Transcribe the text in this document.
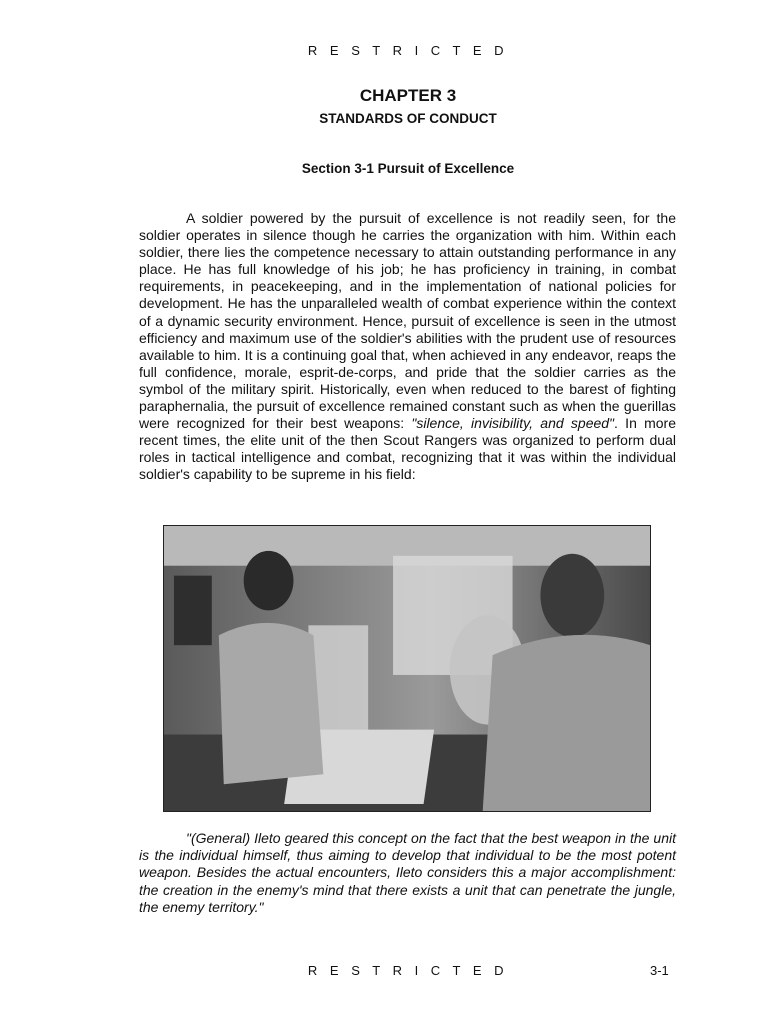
R E S T R I C T E D
CHAPTER 3
STANDARDS OF CONDUCT
Section 3-1 Pursuit of Excellence

A soldier powered by the pursuit of excellence is not readily seen, for the soldier operates in silence though he carries the organization with him. Within each soldier, there lies the competence necessary to attain outstanding performance in any place. He has full knowledge of his job; he has proficiency in training, in combat requirements, in peacekeeping, and in the implementation of national policies for development. He has the unparalleled wealth of combat experience within the context of a dynamic security environment. Hence, pursuit of excellence is seen in the utmost efficiency and maximum use of the soldier's abilities with the prudent use of resources available to him. It is a continuing goal that, when achieved in any endeavor, reaps the full confidence, morale, esprit-de-corps, and pride that the soldier carries as the symbol of the military spirit. Historically, even when reduced to the barest of fighting paraphernalia, the pursuit of excellence remained constant such as when the guerillas were recognized for their best weapons: "silence, invisibility, and speed". In more recent times, the elite unit of the then Scout Rangers was organized to perform dual roles in tactical intelligence and combat, recognizing that it was within the individual soldier's capability to be supreme in his field:

"(General) Ileto geared this concept on the fact that the best weapon in the unit is the individual himself, thus aiming to develop that individual to be the most potent weapon. Besides the actual encounters, Ileto considers this a major accomplishment: the creation in the enemy's mind that there exists a unit that can penetrate the jungle, the enemy territory."

R E S T R I C T E D	3-1
